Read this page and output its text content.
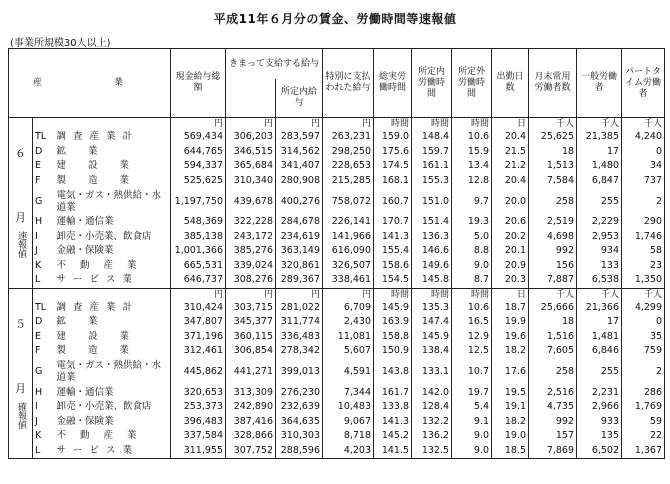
平成11年６月分の賃金、労働時間等速報値
(事業所規模30人以上)
産　　業			現金給与総額	きまって支給する給与		特別に支払われた給与	総実労働時間	所定内労働時間	所定外労働時間	出勤日数	月末常用労働者数	一般労働者	パートタイム労働者
					所定内給与								

６
月
速報値			円	円	円	円	時間	時間	時間	日	千人	千人	千人
	TL	調査産業計	569,434	306,203	283,597	263,231	159.0	148.4	10.6	20.4	25,625	21,385	4,240
	D	鉱業	644,765	346,515	314,562	298,250	175.6	159.7	15.9	21.5	18	17	0
	E	建設業	594,337	365,684	341,407	228,653	174.5	161.1	13.4	21.2	1,513	1,480	34
	F	製造業	525,625	310,340	280,908	215,285	168.1	155.3	12.8	20.4	7,584	6,847	737
	G	電気・ガス・熱供給・水道業	1,197,750	439,678	400,276	758,072	160.7	151.0	9.7	20.0	258	255	2
	H	運輸・通信業	548,369	322,228	284,678	226,141	170.7	151.4	19.3	20.6	2,519	2,229	290
	I	卸売・小売業、飲食店	385,138	243,172	234,619	141,966	141.3	136.3	5.0	20.2	4,698	2,953	1,746
	J	金融・保険業	1,001,366	385,276	363,149	616,090	155.4	146.6	8.8	20.1	992	934	58
	K	不動産業	665,531	339,024	320,861	326,507	158.6	149.6	9.0	20.9	156	133	23
	L	サービス業	646,737	308,276	289,367	338,461	154.5	145.8	8.7	20.3	7,887	6,538	1,350

５
月
確報値			円	円	円	円	時間	時間	時間	日	千人	千人	千人
	TL	調査産業計	310,424	303,715	281,022	6,709	145.9	135.3	10.6	18.7	25,666	21,366	4,299
	D	鉱業	347,807	345,377	311,774	2,430	163.9	147.4	16.5	19.9	18	17	0
	E	建設業	371,196	360,115	336,483	11,081	158.8	145.9	12.9	19.6	1,516	1,481	35
	F	製造業	312,461	306,854	278,342	5,607	150.9	138.4	12.5	18.2	7,605	6,846	759
	G	電気・ガス・熱供給・水道業	445,862	441,271	399,013	4,591	143.8	133.1	10.7	17.6	258	255	2
	H	運輸・通信業	320,653	313,309	276,230	7,344	161.7	142.0	19.7	19.5	2,516	2,231	286
	I	卸売・小売業、飲食店	253,373	242,890	232,639	10,483	133.8	128.4	5.4	19.1	4,735	2,966	1,769
	J	金融・保険業	396,483	387,416	364,635	9,067	141.3	132.2	9.1	18.2	992	933	59
	K	不動産業	337,584	328,866	310,303	8,718	145.2	136.2	9.0	19.0	157	135	22
	L	サービス業	311,955	307,752	288,596	4,203	141.5	132.5	9.0	18.5	7,869	6,502	1,367
